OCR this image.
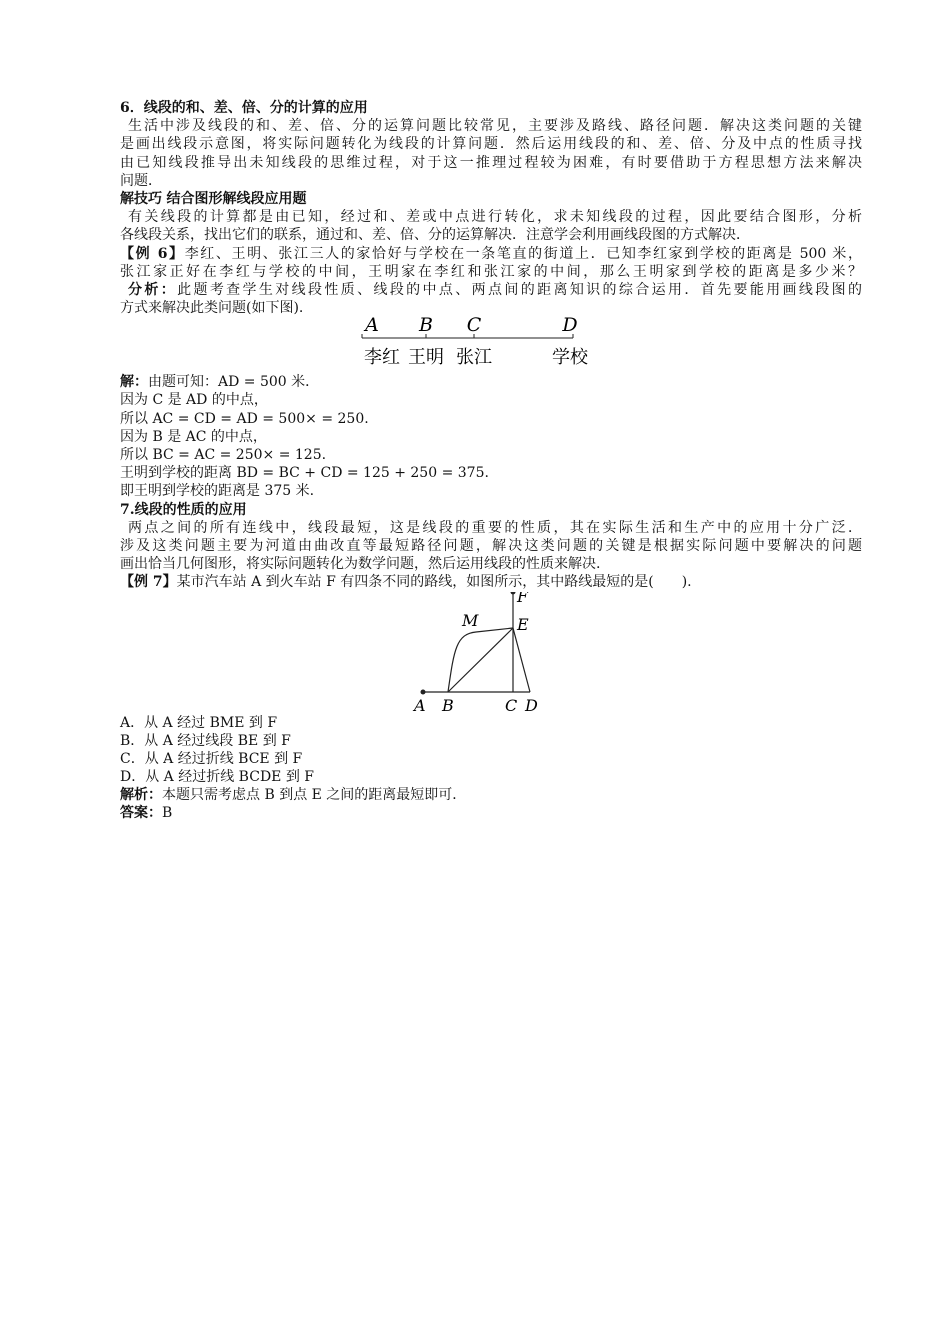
6．线段的和、差、倍、分的计算的应用
生活中涉及线段的和、差、倍、分的运算问题比较常见，主要涉及路线、路径问题．解决这类问题的关键
是画出线段示意图，将实际问题转化为线段的计算问题．然后运用线段的和、差、倍、分及中点的性质寻找
由已知线段推导出未知线段的思维过程，对于这一推理过程较为困难，有时要借助于方程思想方法来解决
问题．
解技巧 结合图形解线段应用题
有关线段的计算都是由已知，经过和、差或中点进行转化，求未知线段的过程，因此要结合图形，分析
各线段关系，找出它们的联系，通过和、差、倍、分的运算解决．注意学会利用画线段图的方式解决．
【例 6】李红、王明、张江三人的家恰好与学校在一条笔直的街道上．已知李红家到学校的距离是 500 米，
张江家正好在李红与学校的中间，王明家在李红和张江家的中间，那么王明家到学校的距离是多少米？
分析：此题考查学生对线段性质、线段的中点、两点间的距离知识的综合运用．首先要能用画线段图的
方式来解决此类问题(如下图).
A B C	D
李红 王明 张江	学校
解：由题可知：AD = 500 米．
因为 C 是 AD 的中点，
所以 AC = CD = AD = 500× = 250.
因为 B 是 AC 的中点，
所以 BC = AC = 250× = 125.
王明到学校的距离 BD = BC + CD = 125 + 250 = 375.
即王明到学校的距离是 375 米.
7.线段的性质的应用
两点之间的所有连线中，线段最短，这是线段的重要的性质，其在实际生活和生产中的应用十分广泛．
涉及这类问题主要为河道由曲改直等最短路径问题，解决这类问题的关键是根据实际问题中要解决的问题
画出恰当几何图形，将实际问题转化为数学问题，然后运用线段的性质来解决.
【例 7】某市汽车站 A 到火车站 F 有四条不同的路线，如图所示，其中路线最短的是(　　).
A B	C D
E
F
M
A．从 A 经过 BME 到 F
B．从 A 经过线段 BE 到 F
C．从 A 经过折线 BCE 到 F
D．从 A 经过折线 BCDE 到 F
解析：本题只需考虑点 B 到点 E 之间的距离最短即可．
答案：B
